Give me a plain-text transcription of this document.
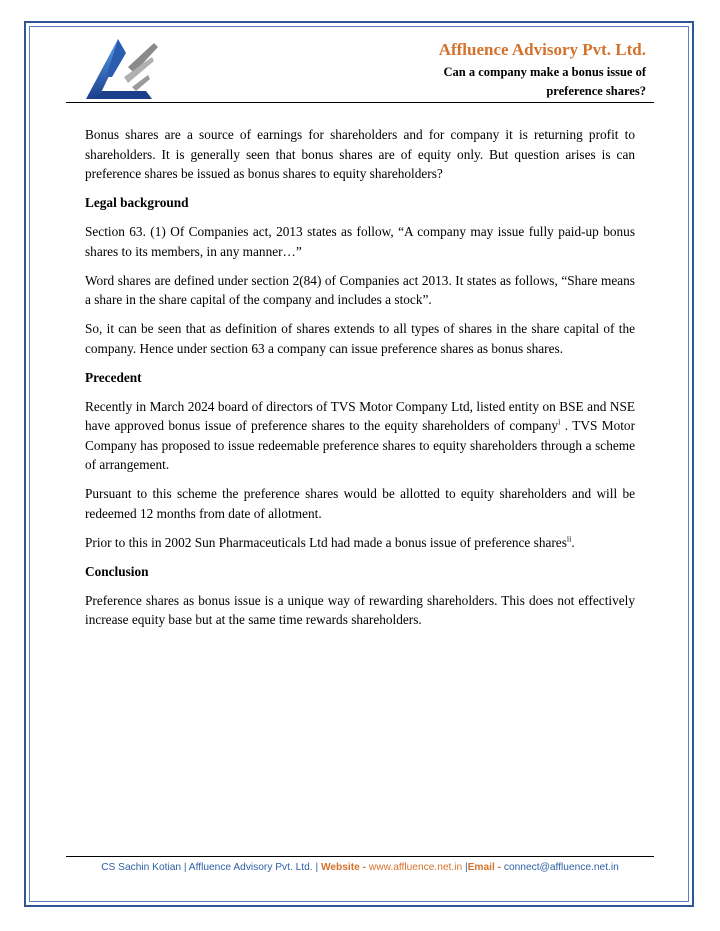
Affluence Advisory Pvt. Ltd.
Can a company make a bonus issue of preference shares?

Bonus shares are a source of earnings for shareholders and for company it is returning profit to shareholders. It is generally seen that bonus shares are of equity only. But question arises is can preference shares be issued as bonus shares to equity shareholders?

Legal background

Section 63. (1) Of Companies act, 2013 states as follow, “A company may issue fully paid-up bonus shares to its members, in any manner…”

Word shares are defined under section 2(84) of Companies act 2013. It states as follows, “Share means a share in the share capital of the company and includes a stock”.

So, it can be seen that as definition of shares extends to all types of shares in the share capital of the company. Hence under section 63 a company can issue preference shares as bonus shares.

Precedent

Recently in March 2024 board of directors of TVS Motor Company Ltd, listed entity on BSE and NSE have approved bonus issue of preference shares to the equity shareholders of company$^i$ . TVS Motor Company has proposed to issue redeemable preference shares to equity shareholders through a scheme of arrangement.

Pursuant to this scheme the preference shares would be allotted to equity shareholders and will be redeemed 12 months from date of allotment.

Prior to this in 2002 Sun Pharmaceuticals Ltd had made a bonus issue of preference shares$^{ii}$.

Conclusion

Preference shares as bonus issue is a unique way of rewarding shareholders. This does not effectively increase equity base but at the same time rewards shareholders.

CS Sachin Kotian | Affluence Advisory Pvt. Ltd. | Website - www.affluence.net.in |Email - connect@affluence.net.in
